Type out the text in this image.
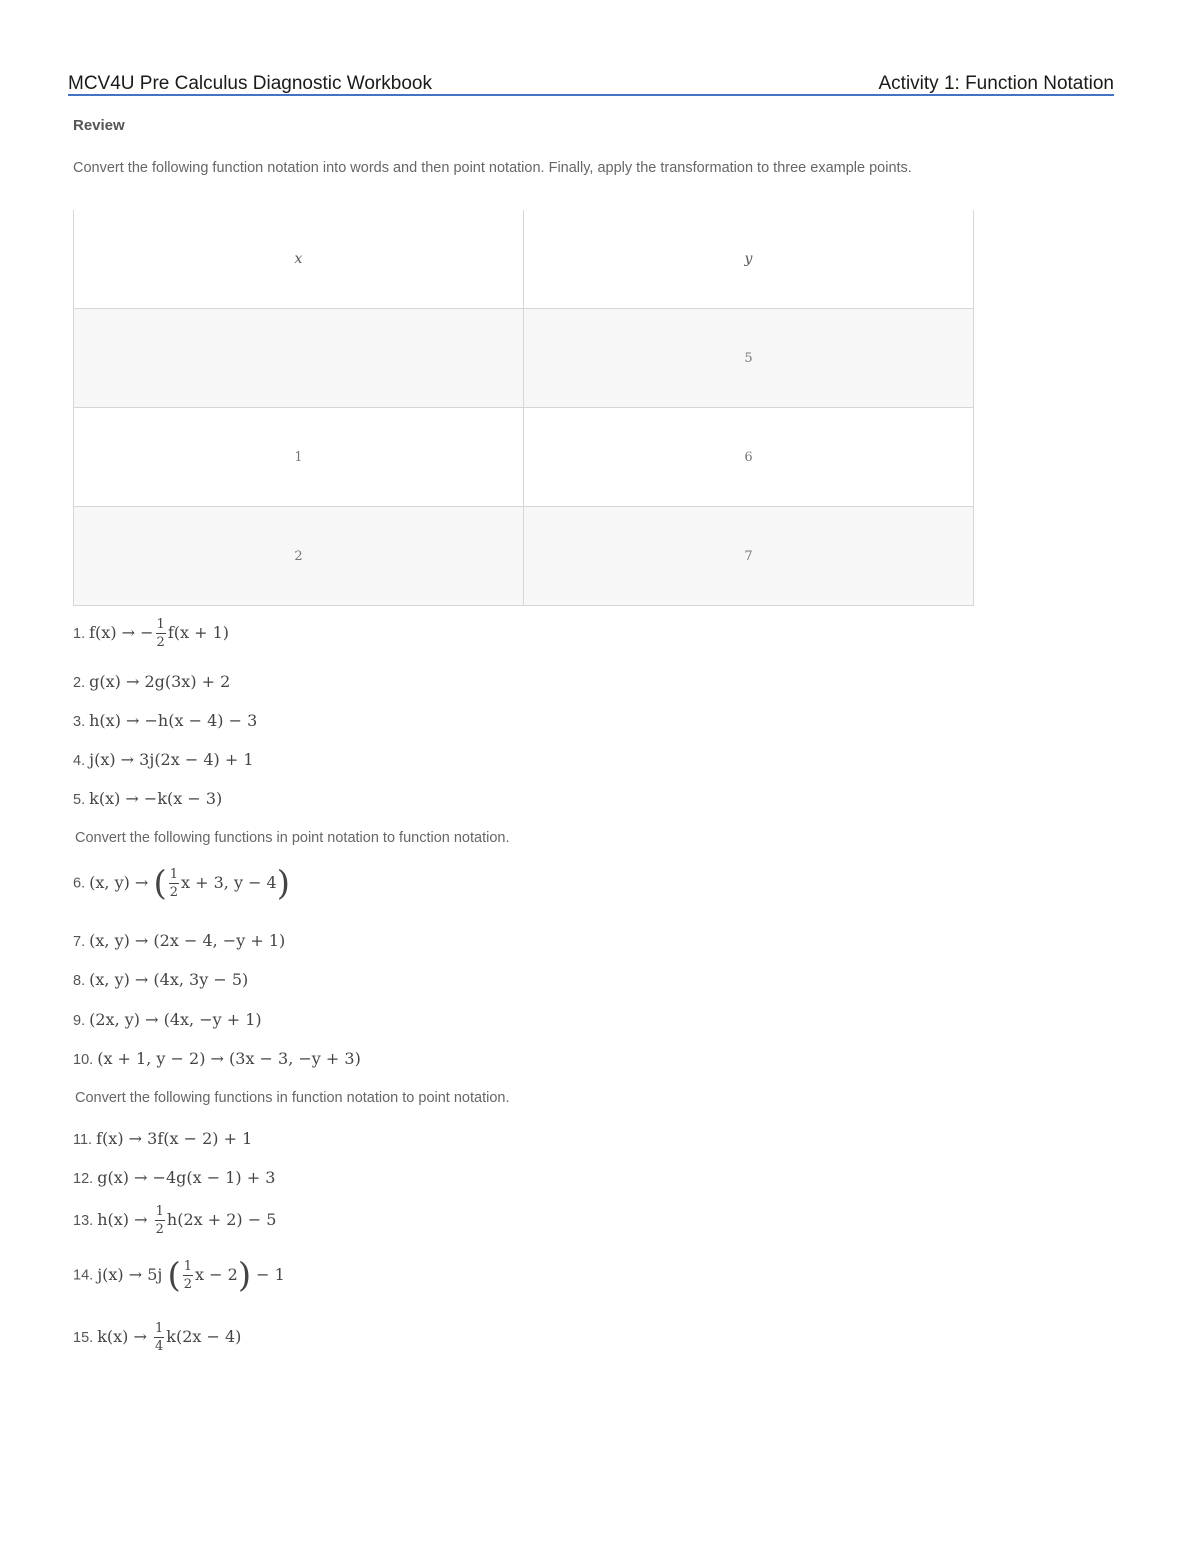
MCV4U Pre Calculus Diagnostic Workbook	Activity 1: Function Notation
Review
Convert the following function notation into words and then point notation. Finally, apply the transformation to three example points.
x	y
	5
1	6
2	7
1. f(x) → − $\frac{1}{2} f(x + 1)$
2. g(x) → 2g(3x) + 2
3. h(x) → −h(x − 4) − 3
4. j(x) → 3j(2x − 4) + 1
5. k(x) → −k(x − 3)
Convert the following functions in point notation to function notation.
6. (x, y) → ( $\frac{1}{2}$ x + 3, y − 4)
7. (x, y) → (2x − 4, −y + 1)
8. (x, y) → (4x, 3y − 5)
9. (2x, y) → (4x, −y + 1)
10. (x + 1, y − 2) → (3x − 3, −y + 3)
Convert the following functions in function notation to point notation.
11. f(x) → 3f(x − 2) + 1
12. g(x) → −4g(x − 1) + 3
13. $h(x) \to \frac{1}{2} h(2x + 2) - 5$
14. j(x) → 5j ( $\frac{1}{2}$ x − 2) − 1
15. $k(x) \to \frac{1}{4} k(2x - 4)$
